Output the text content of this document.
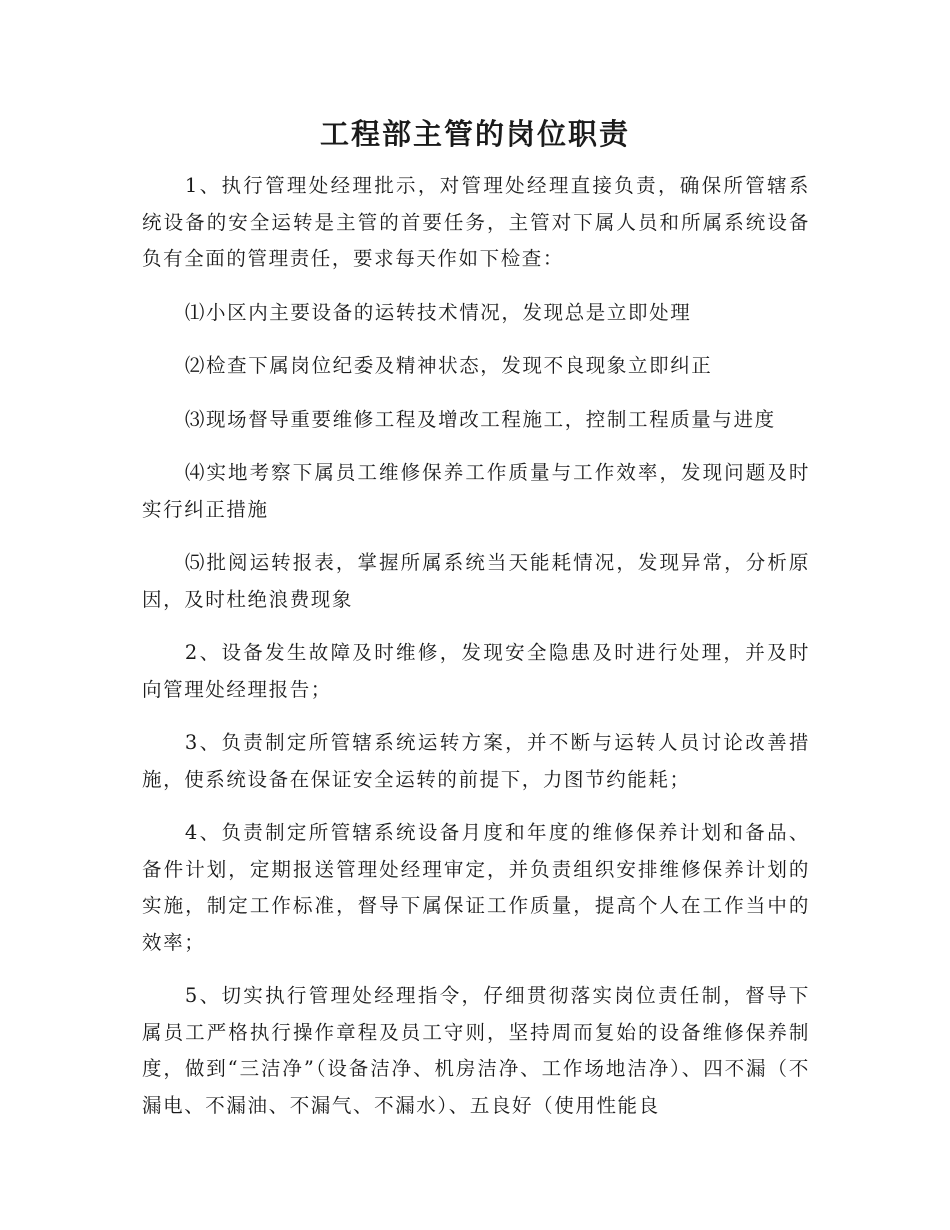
工程部主管的岗位职责

1、执行管理处经理批示，对管理处经理直接负责，确保所管辖系统设备的安全运转是主管的首要任务，主管对下属人员和所属系统设备负有全面的管理责任，要求每天作如下检查：

⑴小区内主要设备的运转技术情况，发现总是立即处理

⑵检查下属岗位纪委及精神状态，发现不良现象立即纠正

⑶现场督导重要维修工程及增改工程施工，控制工程质量与进度

⑷实地考察下属员工维修保养工作质量与工作效率，发现问题及时实行纠正措施

⑸批阅运转报表，掌握所属系统当天能耗情况，发现异常，分析原因，及时杜绝浪费现象

2、设备发生故障及时维修，发现安全隐患及时进行处理，并及时向管理处经理报告；

3、负责制定所管辖系统运转方案，并不断与运转人员讨论改善措施，使系统设备在保证安全运转的前提下，力图节约能耗；

4、负责制定所管辖系统设备月度和年度的维修保养计划和备品、备件计划，定期报送管理处经理审定，并负责组织安排维修保养计划的实施，制定工作标准，督导下属保证工作质量，提高个人在工作当中的效率；

5、切实执行管理处经理指令，仔细贯彻落实岗位责任制，督导下属员工严格执行操作章程及员工守则，坚持周而复始的设备维修保养制度，做到“三洁净”（设备洁净、机房洁净、工作场地洁净）、四不漏（不漏电、不漏油、不漏气、不漏水）、五良好（使用性能良
